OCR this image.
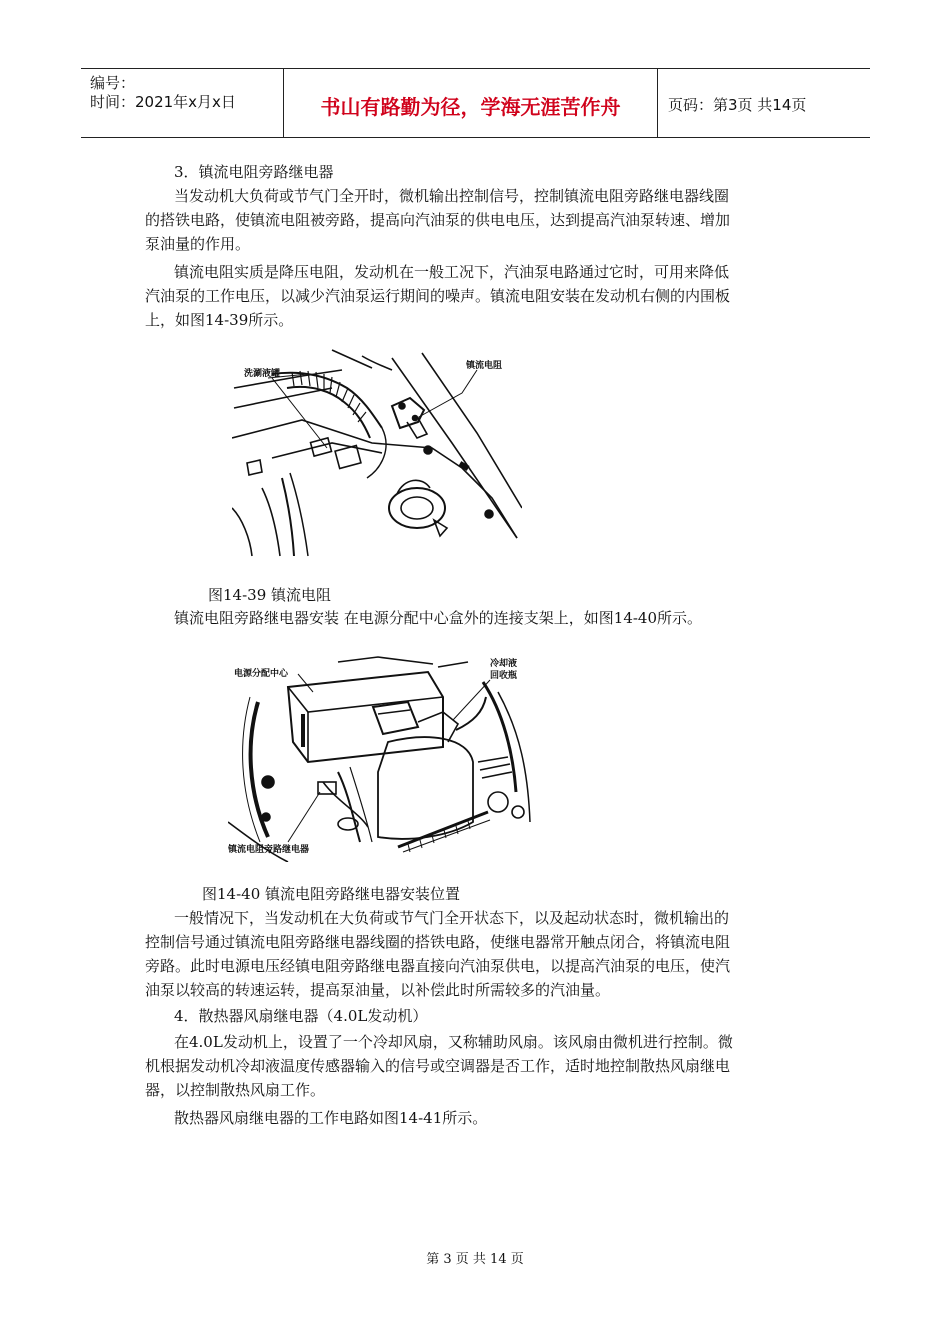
编号：
时间：2021年x月x日	书山有路勤为径，学海无涯苦作舟	页码：第3页 共14页
3．镇流电阻旁路继电器
当发动机大负荷或节气门全开时，微机输出控制信号，控制镇流电阻旁路继电器线圈
的搭铁电路，使镇流电阻被旁路，提高向汽油泵的供电电压，达到提高汽油泵转速、增加
泵油量的作用。
镇流电阻实质是降压电阻，发动机在一般工况下，汽油泵电路通过它时，可用来降低
汽油泵的工作电压，以减少汽油泵运行期间的噪声。镇流电阻安装在发动机右侧的内围板
上，如图14-39所示。
洗涮液罐
镇流电阻
图14-39 镇流电阻
镇流电阻旁路继电器安装 在电源分配中心盒外的连接支架上，如图14-40所示。
电源分配中心
冷却液
回收瓶
镇流电阻旁路继电器
图14-40 镇流电阻旁路继电器安装位置
一般情况下，当发动机在大负荷或节气门全开状态下，以及起动状态时，微机输出的
控制信号通过镇流电阻旁路继电器线圈的搭铁电路，使继电器常开触点闭合，将镇流电阻
旁路。此时电源电压经镇电阻旁路继电器直接向汽油泵供电，以提高汽油泵的电压，使汽
油泵以较高的转速运转，提高泵油量，以补偿此时所需较多的汽油量。
4．散热器风扇继电器（4.0L发动机）
在4.0L发动机上，设置了一个冷却风扇，又称辅助风扇。该风扇由微机进行控制。微
机根据发动机冷却液温度传感器输入的信号或空调器是否工作，适时地控制散热风扇继电
器，以控制散热风扇工作。
散热器风扇继电器的工作电路如图14-41所示。
第 3 页 共 14 页
